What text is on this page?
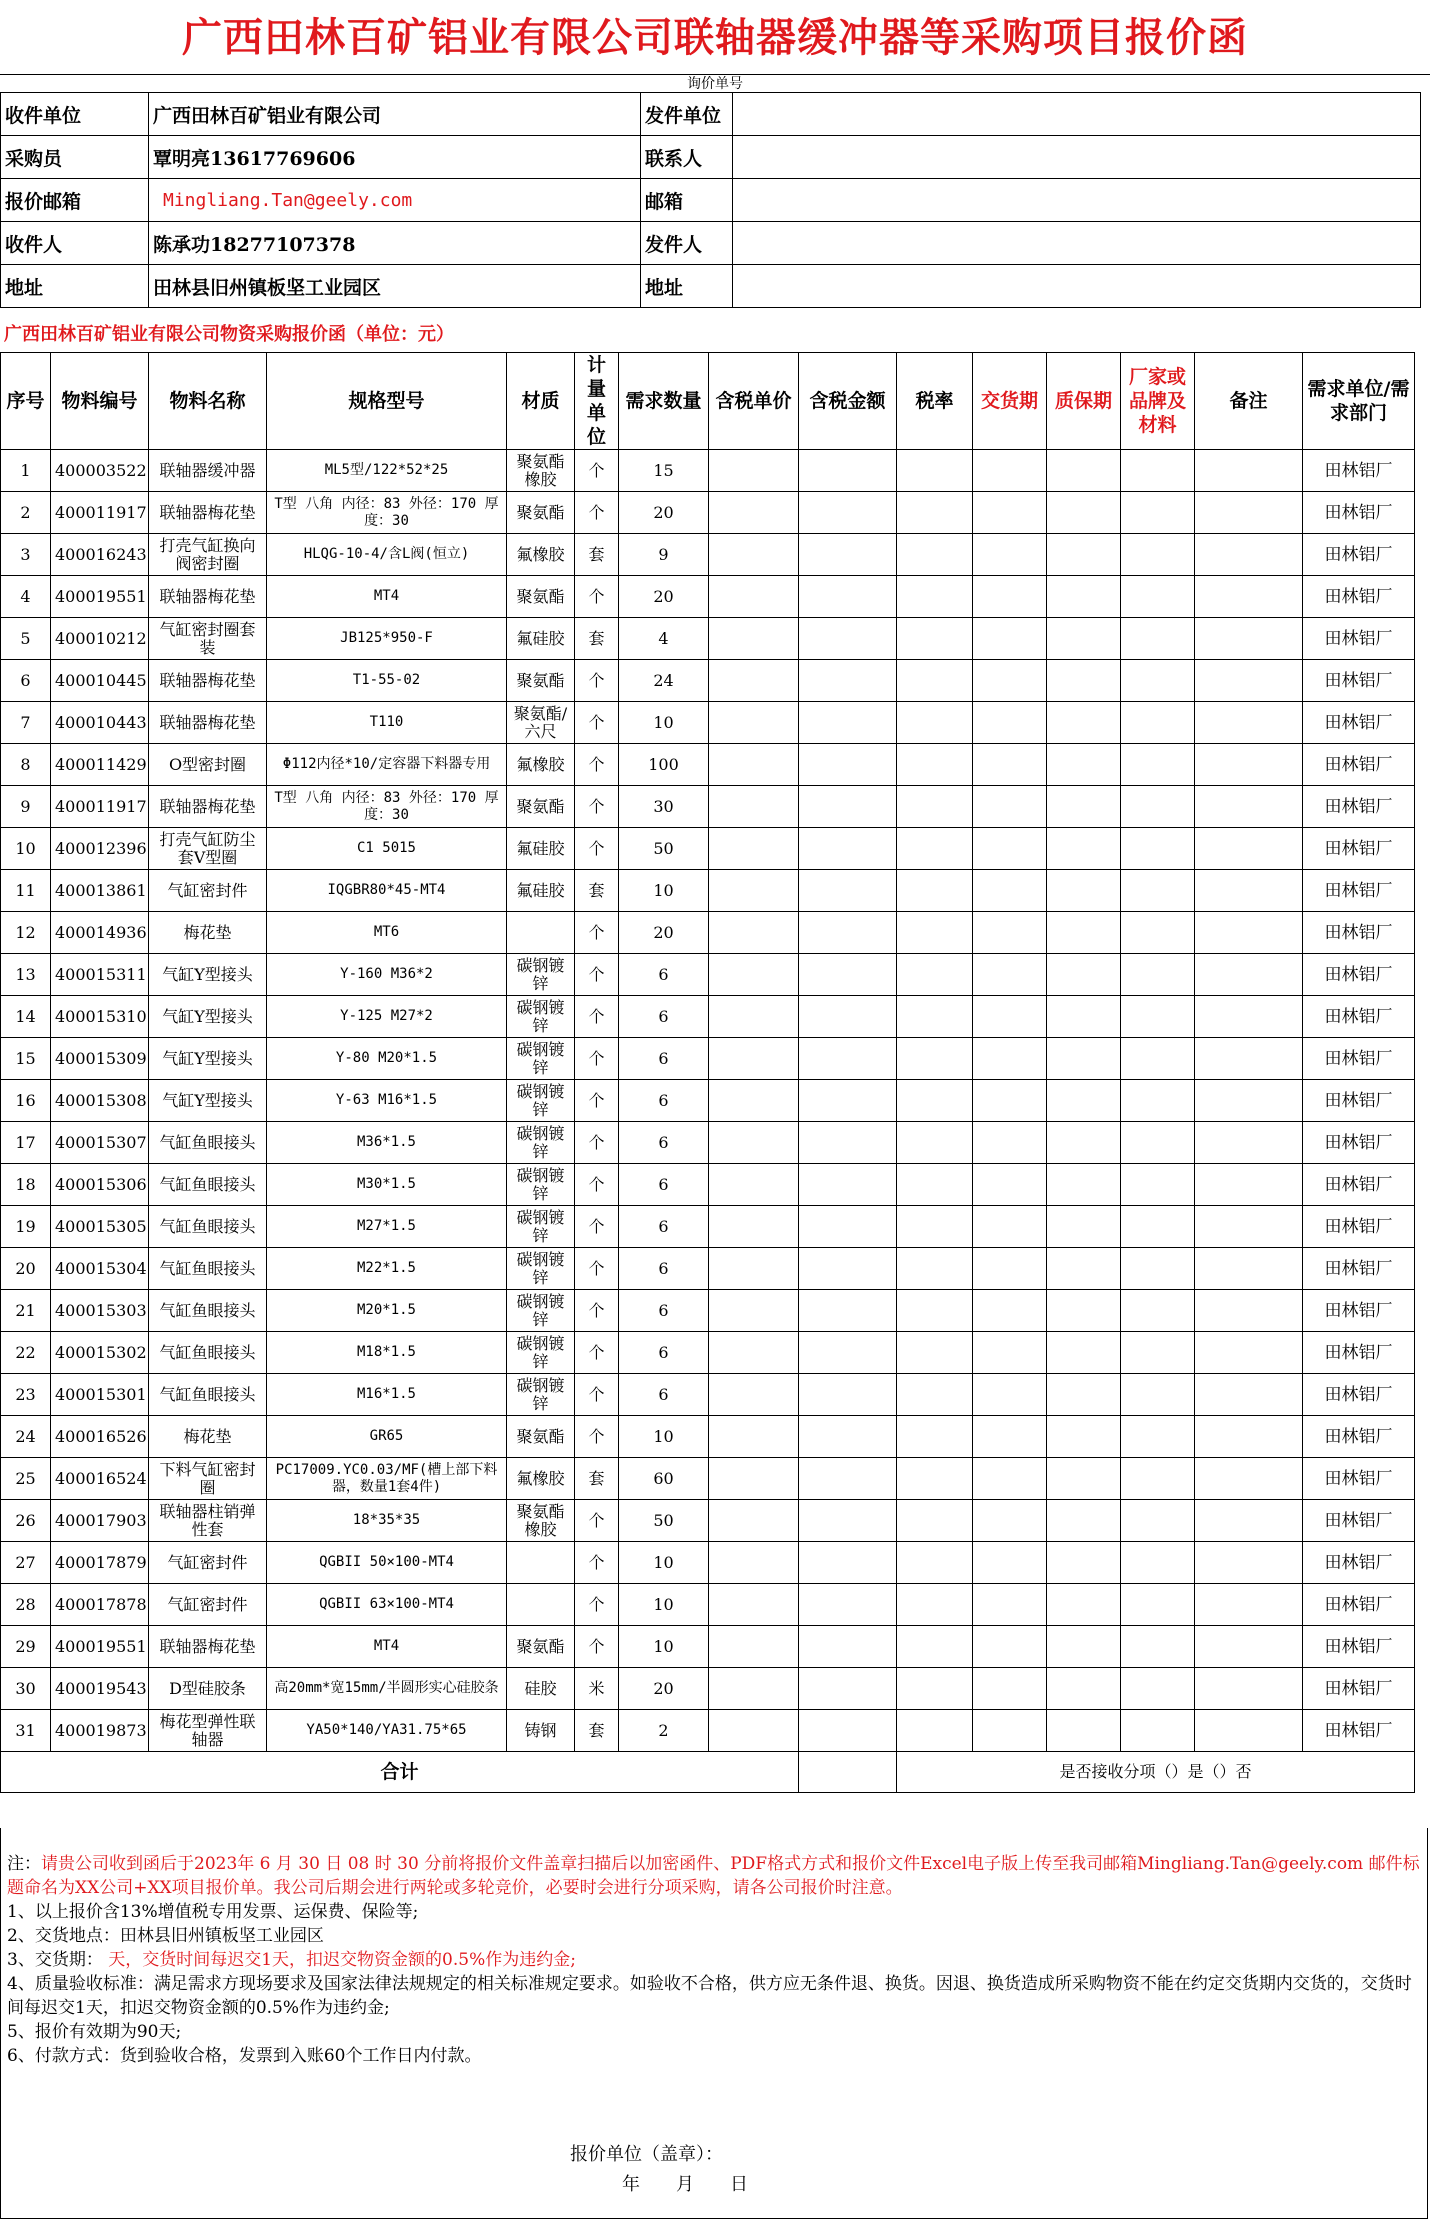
广西田林百矿铝业有限公司联轴器缓冲器等采购项目报价函
询价单号
收件单位	广西田林百矿铝业有限公司	发件单位	
采购员	覃明亮13617769606	联系人	
报价邮箱	Mingliang.Tan@geely.com	邮箱	
收件人	陈承功18277107378	发件人	
地址	田林县旧州镇板坚工业园区	地址	
广西田林百矿铝业有限公司物资采购报价函（单位：元）
序号	物料编号	物料名称	规格型号	材质	计量单位	需求数量	含税单价	含税金额	税率	交货期	质保期	厂家或品牌及材料	备注	需求单位/需求部门
1	400003522	联轴器缓冲器	ML5型/122*52*25	聚氨酯橡胶	个	15								田林铝厂
2	400011917	联轴器梅花垫	T型 八角 内径：83 外径：170 厚度：30	聚氨酯	个	20								田林铝厂
3	400016243	打壳气缸换向阀密封圈	HLQG-10-4/含L阀(恒立)	氟橡胶	套	9								田林铝厂
4	400019551	联轴器梅花垫	MT4	聚氨酯	个	20								田林铝厂
5	400010212	气缸密封圈套装	JB125*950-F	氟硅胶	套	4								田林铝厂
6	400010445	联轴器梅花垫	T1-55-02	聚氨酯	个	24								田林铝厂
7	400010443	联轴器梅花垫	T110	聚氨酯/六尺	个	10								田林铝厂
8	400011429	O型密封圈	Φ112内径*10/定容器下料器专用	氟橡胶	个	100								田林铝厂
9	400011917	联轴器梅花垫	T型 八角 内径：83 外径：170 厚度：30	聚氨酯	个	30								田林铝厂
10	400012396	打壳气缸防尘套V型圈	C1 5015	氟硅胶	个	50								田林铝厂
11	400013861	气缸密封件	IQGBR80*45-MT4	氟硅胶	套	10								田林铝厂
12	400014936	梅花垫	MT6		个	20								田林铝厂
13	400015311	气缸Y型接头	Y-160 M36*2	碳钢镀锌	个	6								田林铝厂
14	400015310	气缸Y型接头	Y-125 M27*2	碳钢镀锌	个	6								田林铝厂
15	400015309	气缸Y型接头	Y-80 M20*1.5	碳钢镀锌	个	6								田林铝厂
16	400015308	气缸Y型接头	Y-63 M16*1.5	碳钢镀锌	个	6								田林铝厂
17	400015307	气缸鱼眼接头	M36*1.5	碳钢镀锌	个	6								田林铝厂
18	400015306	气缸鱼眼接头	M30*1.5	碳钢镀锌	个	6								田林铝厂
19	400015305	气缸鱼眼接头	M27*1.5	碳钢镀锌	个	6								田林铝厂
20	400015304	气缸鱼眼接头	M22*1.5	碳钢镀锌	个	6								田林铝厂
21	400015303	气缸鱼眼接头	M20*1.5	碳钢镀锌	个	6								田林铝厂
22	400015302	气缸鱼眼接头	M18*1.5	碳钢镀锌	个	6								田林铝厂
23	400015301	气缸鱼眼接头	M16*1.5	碳钢镀锌	个	6								田林铝厂
24	400016526	梅花垫	GR65	聚氨酯	个	10								田林铝厂
25	400016524	下料气缸密封圈	PC17009.YC0.03/MF(槽上部下料器，数量1套4件)	氟橡胶	套	60								田林铝厂
26	400017903	联轴器柱销弹性套	18*35*35	聚氨酯橡胶	个	50								田林铝厂
27	400017879	气缸密封件	QGBII 50×100-MT4		个	10								田林铝厂
28	400017878	气缸密封件	QGBII 63×100-MT4		个	10								田林铝厂
29	400019551	联轴器梅花垫	MT4	聚氨酯	个	10								田林铝厂
30	400019543	D型硅胶条	高20mm*宽15mm/半圆形实心硅胶条	硅胶	米	20								田林铝厂
31	400019873	梅花型弹性联轴器	YA50*140/YA31.75*65	铸钢	套	2								田林铝厂
合计									是否接收分项（）是（）否					

注：请贵公司收到函后于2023年 6 月 30 日 08 时 30 分前将报价文件盖章扫描后以加密函件、PDF格式方式和报价文件Excel电子版上传至我司邮箱Mingliang.Tan@geely.com 邮件标题命名为XX公司+XX项目报价单。我公司后期会进行两轮或多轮竞价，必要时会进行分项采购，请各公司报价时注意。

1、以上报价含13%增值税专用发票、运保费、保险等;

2、交货地点：田林县旧州镇板坚工业园区

3、交货期： 天，交货时间每迟交1天，扣迟交物资金额的0.5%作为违约金;

4、质量验收标准：满足需求方现场要求及国家法律法规规定的相关标准规定要求。如验收不合格，供方应无条件退、换货。因退、换货造成所采购物资不能在约定交货期内交货的，交货时间每迟交1天，扣迟交物资金额的0.5%作为违约金;

5、报价有效期为90天;

6、付款方式：货到验收合格，发票到入账60个工作日内付款。

报价单位（盖章）：
年　　月　　日
